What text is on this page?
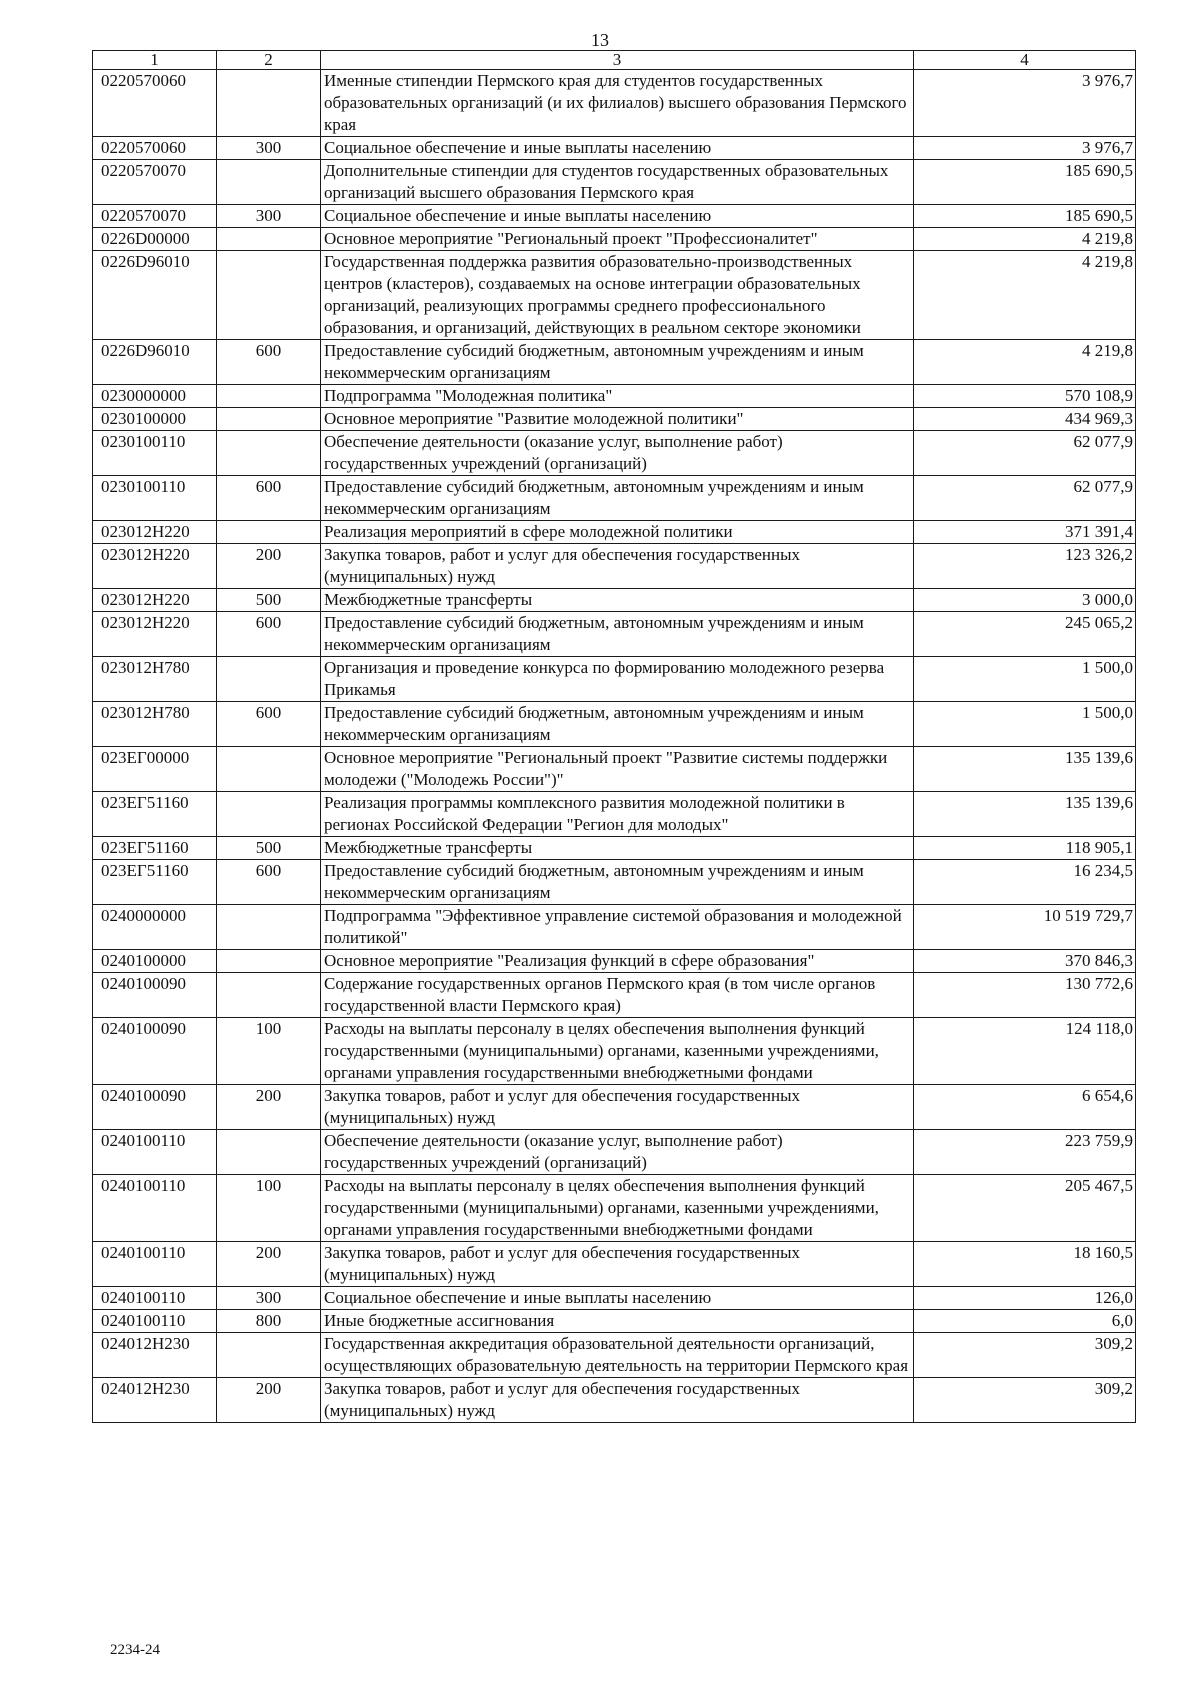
13
1	2	3	4
0220570060		Именные стипендии Пермского края для студентов государственных образовательных организаций (и их филиалов) высшего образования Пермского края	3 976,7
0220570060	300	Социальное обеспечение и иные выплаты населению	3 976,7
0220570070		Дополнительные стипендии для студентов государственных образовательных организаций высшего образования Пермского края	185 690,5
0220570070	300	Социальное обеспечение и иные выплаты населению	185 690,5
0226D00000		Основное мероприятие "Региональный проект "Профессионалитет"	4 219,8
0226D96010		Государственная поддержка развития образовательно-производственных центров (кластеров), создаваемых на основе интеграции образовательных организаций, реализующих программы среднего профессионального образования, и организаций, действующих в реальном секторе экономики	4 219,8
0226D96010	600	Предоставление субсидий бюджетным, автономным учреждениям и иным некоммерческим организациям	4 219,8
0230000000		Подпрограмма "Молодежная политика"	570 108,9
0230100000		Основное мероприятие "Развитие молодежной политики"	434 969,3
0230100110		Обеспечение деятельности (оказание услуг, выполнение работ) государственных учреждений (организаций)	62 077,9
0230100110	600	Предоставление субсидий бюджетным, автономным учреждениям и иным некоммерческим организациям	62 077,9
023012Н220		Реализация мероприятий в сфере молодежной политики	371 391,4
023012Н220	200	Закупка товаров, работ и услуг для обеспечения государственных (муниципальных) нужд	123 326,2
023012Н220	500	Межбюджетные трансферты	3 000,0
023012Н220	600	Предоставление субсидий бюджетным, автономным учреждениям и иным некоммерческим организациям	245 065,2
023012Н780		Организация и проведение конкурса по формированию молодежного резерва Прикамья	1 500,0
023012Н780	600	Предоставление субсидий бюджетным, автономным учреждениям и иным некоммерческим организациям	1 500,0
023ЕГ00000		Основное мероприятие "Региональный проект "Развитие системы поддержки молодежи ("Молодежь России")"	135 139,6
023ЕГ51160		Реализация программы комплексного развития молодежной политики в регионах Российской Федерации "Регион для молодых"	135 139,6
023ЕГ51160	500	Межбюджетные трансферты	118 905,1
023ЕГ51160	600	Предоставление субсидий бюджетным, автономным учреждениям и иным некоммерческим организациям	16 234,5
0240000000		Подпрограмма "Эффективное управление системой образования и молодежной политикой"	10 519 729,7
0240100000		Основное мероприятие "Реализация функций в сфере образования"	370 846,3
0240100090		Содержание государственных органов Пермского края (в том числе органов государственной власти Пермского края)	130 772,6
0240100090	100	Расходы на выплаты персоналу в целях обеспечения выполнения функций государственными (муниципальными) органами, казенными учреждениями, органами управления государственными внебюджетными фондами	124 118,0
0240100090	200	Закупка товаров, работ и услуг для обеспечения государственных (муниципальных) нужд	6 654,6
0240100110		Обеспечение деятельности (оказание услуг, выполнение работ) государственных учреждений (организаций)	223 759,9
0240100110	100	Расходы на выплаты персоналу в целях обеспечения выполнения функций государственными (муниципальными) органами, казенными учреждениями, органами управления государственными внебюджетными фондами	205 467,5
0240100110	200	Закупка товаров, работ и услуг для обеспечения государственных (муниципальных) нужд	18 160,5
0240100110	300	Социальное обеспечение и иные выплаты населению	126,0
0240100110	800	Иные бюджетные ассигнования	6,0
024012Н230		Государственная аккредитация образовательной деятельности организаций, осуществляющих образовательную деятельность на территории Пермского края	309,2
024012Н230	200	Закупка товаров, работ и услуг для обеспечения государственных (муниципальных) нужд	309,2
2234-24
